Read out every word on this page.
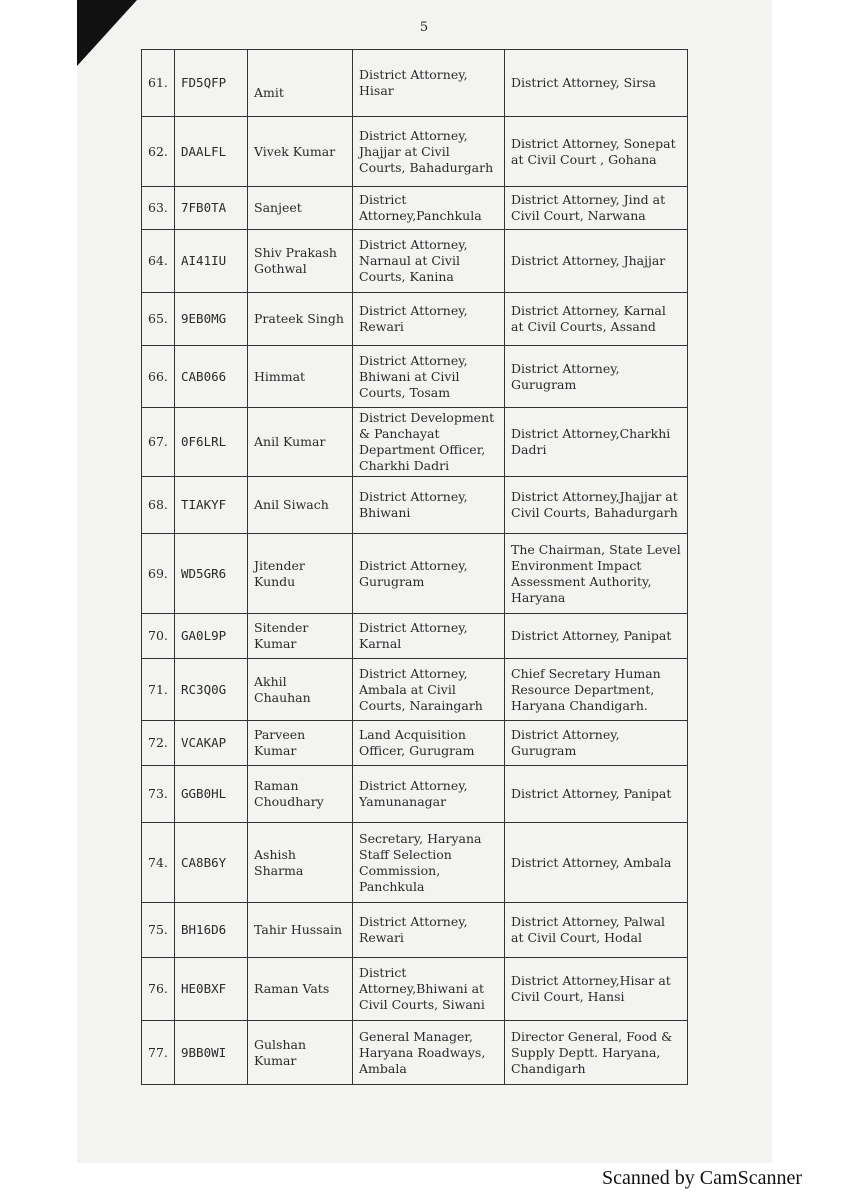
5
61.	FD5QFP	Amit	District Attorney, Hisar	District Attorney, Sirsa
62.	DAALFL	Vivek Kumar	District Attorney, Jhajjar at Civil Courts, Bahadurgarh	District Attorney, Sonepat at Civil Court , Gohana
63.	7FB0TA	Sanjeet	District Attorney,Panchkula	District Attorney, Jind at Civil Court, Narwana
64.	AI41IU	Shiv Prakash Gothwal	District Attorney, Narnaul at Civil Courts, Kanina	District Attorney, Jhajjar
65.	9EB0MG	Prateek Singh	District Attorney, Rewari	District Attorney, Karnal at Civil Courts, Assand
66.	CAB066	Himmat	District Attorney, Bhiwani at Civil Courts, Tosam	District Attorney, Gurugram
67.	0F6LRL	Anil Kumar	District Development & Panchayat Department Officer, Charkhi Dadri	District Attorney,Charkhi Dadri
68.	TIAKYF	Anil Siwach	District Attorney, Bhiwani	District Attorney,Jhajjar at Civil Courts, Bahadurgarh
69.	WD5GR6	Jitender Kundu	District Attorney, Gurugram	The Chairman, State Level Environment Impact Assessment Authority, Haryana
70.	GA0L9P	Sitender Kumar	District Attorney, Karnal	District Attorney, Panipat
71.	RC3Q0G	Akhil Chauhan	District Attorney, Ambala at Civil Courts, Naraingarh	Chief Secretary Human Resource Department, Haryana Chandigarh.
72.	VCAKAP	Parveen Kumar	Land Acquisition Officer, Gurugram	District Attorney, Gurugram
73.	GGB0HL	Raman Choudhary	District Attorney, Yamunanagar	District Attorney, Panipat
74.	CA8B6Y	Ashish Sharma	Secretary, Haryana Staff Selection Commission, Panchkula	District Attorney, Ambala
75.	BH16D6	Tahir Hussain	District Attorney, Rewari	District Attorney, Palwal at Civil Court, Hodal
76.	HE0BXF	Raman Vats	District Attorney,Bhiwani at Civil Courts, Siwani	District Attorney,Hisar at Civil Court, Hansi
77.	9BB0WI	Gulshan Kumar	General Manager, Haryana Roadways, Ambala	Director General, Food & Supply Deptt. Haryana, Chandigarh
Scanned by CamScanner
